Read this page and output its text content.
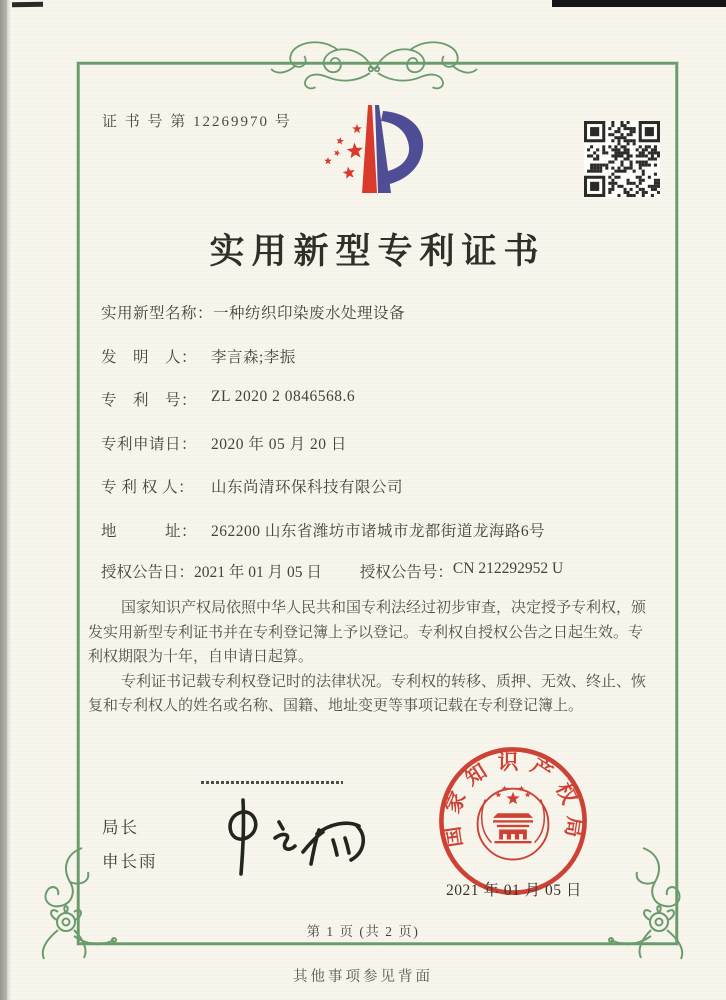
证 书 号 第 12269970 号
实用新型专利证书
实用新型名称： 一种纺织印染废水处理设备
发　明　人： 李言森;李振
专　利　号： ZL 2020 2 0846568.6
专利申请日： 2020 年 05 月 20 日
专 利 权 人：	山东尚清环保科技有限公司
地　　　址： 262200 山东省潍坊市诸城市龙都街道龙海路6号
授权公告日： 2021 年 01 月 05 日 授权公告号： CN 212292952 U

国家知识产权局依照中华人民共和国专利法经过初步审查，决定授予专利权，颁发实用新型专利证书并在专利登记簿上予以登记。专利权自授权公告之日起生效。专利权期限为十年，自申请日起算。

专利证书记载专利权登记时的法律状况。专利权的转移、质押、无效、终止、恢复和专利权人的姓名或名称、国籍、地址变更等事项记载在专利登记簿上。

局长
申长雨
国家知识产权局
2021 年 01 月 05 日
第 1 页 (共 2 页)
其他事项参见背面
